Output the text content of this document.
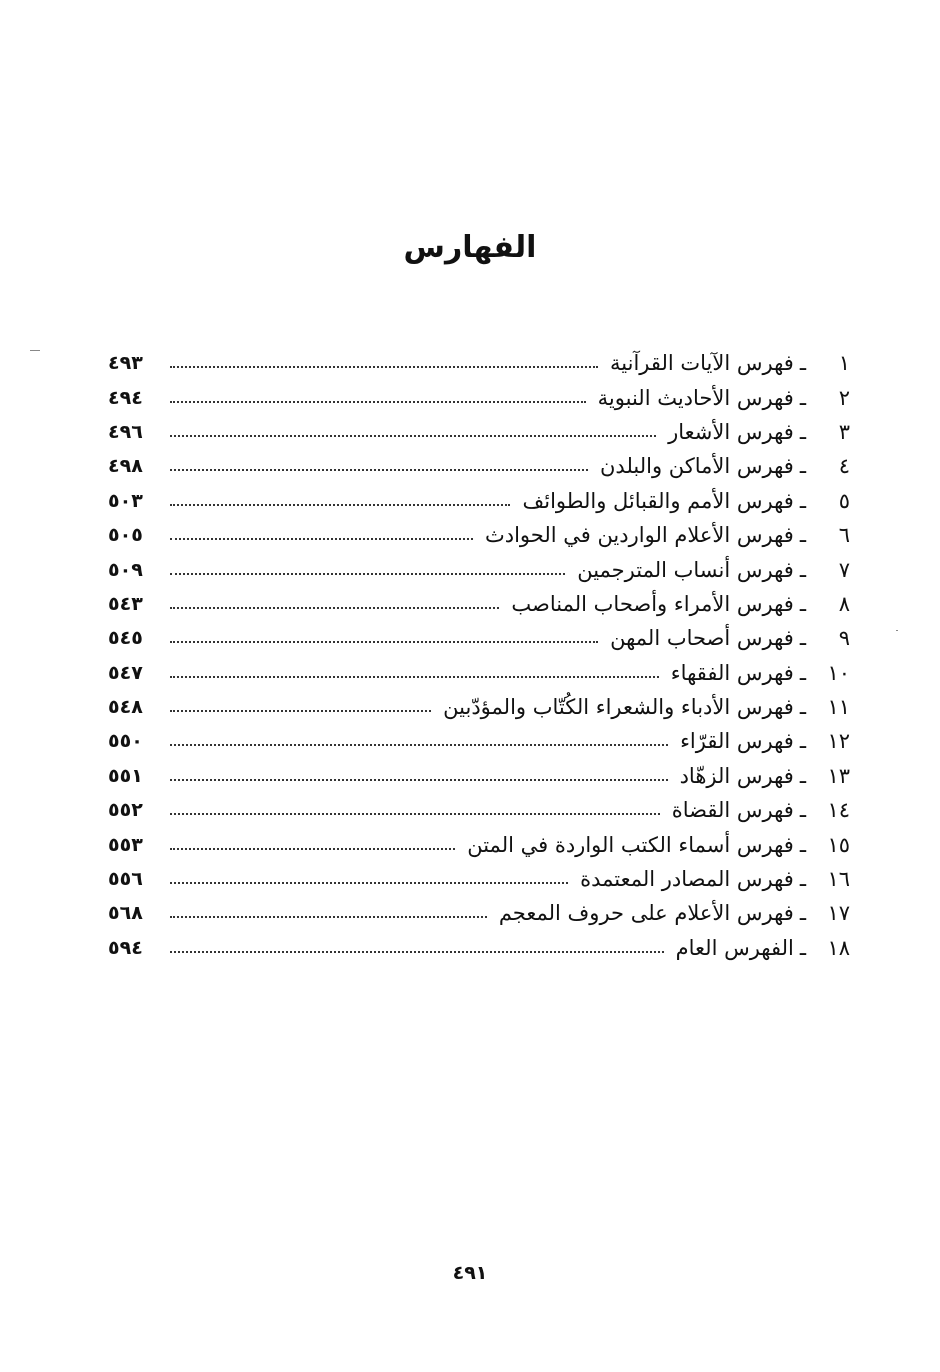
الفهارس
١
ـ
فهرس الآيات القرآنية
٤٩٣
٢
ـ
فهرس الأحاديث النبوية
٤٩٤
٣
ـ
فهرس الأشعار
٤٩٦
٤
ـ
فهرس الأماكن والبلدن
٤٩٨
٥
ـ
فهرس الأمم والقبائل والطوائف
٥٠٣
٦
ـ
فهرس الأعلام الواردين في الحوادث
٥٠٥
٧
ـ
فهرس أنساب المترجمين
٥٠٩
٨
ـ
فهرس الأمراء وأصحاب المناصب
٥٤٣
٩
ـ
فهرس أصحاب المهن
٥٤٥
١٠
ـ
فهرس الفقهاء
٥٤٧
١١
ـ
فهرس الأدباء والشعراء الكُتّاب والمؤدّبين
٥٤٨
١٢
ـ
فهرس القرّاء
٥٥٠
١٣
ـ
فهرس الزهّاد
٥٥١
١٤
ـ
فهرس القضاة
٥٥٢
١٥
ـ
فهرس أسماء الكتب الواردة في المتن
٥٥٣
١٦
ـ
فهرس المصادر المعتمدة
٥٥٦
١٧
ـ
فهرس الأعلام على حروف المعجم
٥٦٨
١٨
ـ
الفهرس العام
٥٩٤
٤٩١
